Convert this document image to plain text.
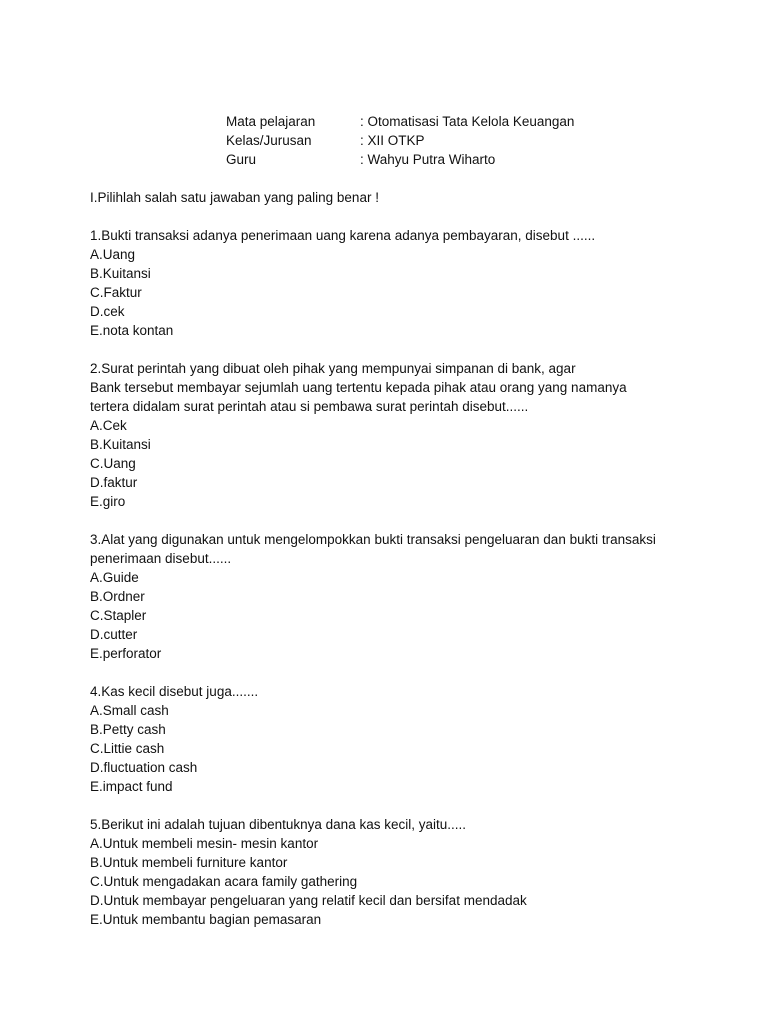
Mata pelajaran	: Otomatisasi Tata Kelola Keuangan
Kelas/Jurusan	: XII OTKP
Guru	: Wahyu Putra Wiharto
I.Pilihlah salah satu jawaban yang paling benar !
1.Bukti transaksi adanya penerimaan uang karena adanya pembayaran, disebut ......
A.Uang
B.Kuitansi
C.Faktur
D.cek
E.nota kontan
2.Surat perintah yang dibuat oleh pihak yang mempunyai simpanan di bank, agar
Bank tersebut membayar sejumlah uang tertentu kepada pihak atau orang yang namanya
tertera didalam surat perintah atau si pembawa surat perintah disebut......
A.Cek
B.Kuitansi
C.Uang
D.faktur
E.giro
3.Alat yang digunakan untuk mengelompokkan bukti transaksi pengeluaran dan bukti transaksi
penerimaan disebut......
A.Guide
B.Ordner
C.Stapler
D.cutter
E.perforator
4.Kas kecil disebut juga.......
A.Small cash
B.Petty cash
C.Littie cash
D.fluctuation cash
E.impact fund
5.Berikut ini adalah tujuan dibentuknya dana kas kecil, yaitu.....
A.Untuk membeli mesin- mesin kantor
B.Untuk membeli furniture kantor
C.Untuk mengadakan acara family gathering
D.Untuk membayar pengeluaran yang relatif kecil dan bersifat mendadak
E.Untuk membantu bagian pemasaran
